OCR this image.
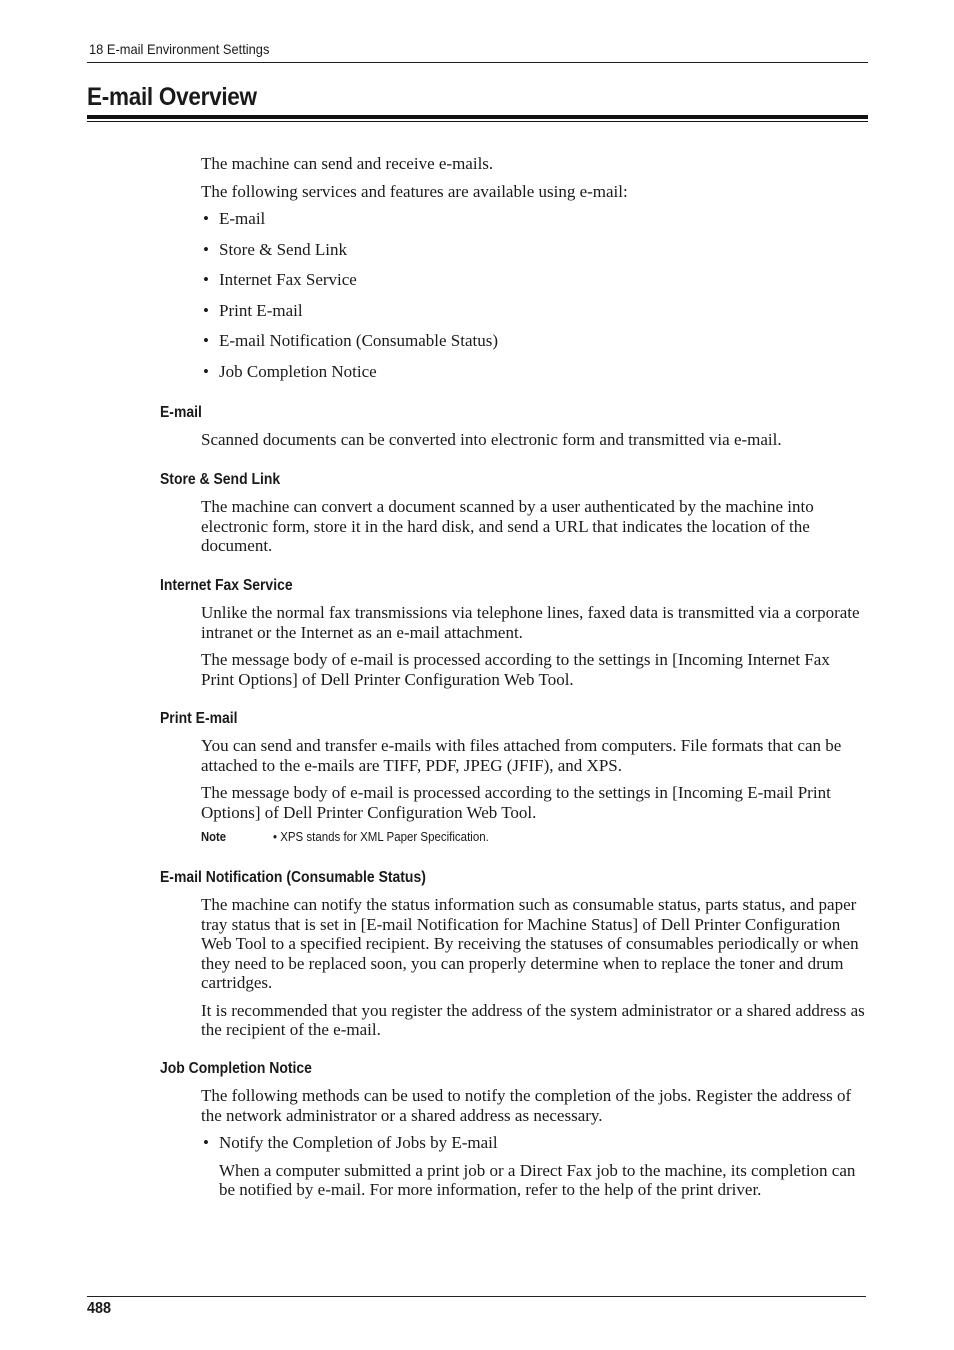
18 E-mail Environment Settings
E-mail Overview

The machine can send and receive e-mails.

The following services and features are available using e-mail:

• E-mail
• Store & Send Link
• Internet Fax Service
• Print E-mail
• E-mail Notification (Consumable Status)
• Job Completion Notice
E-mail

Scanned documents can be converted into electronic form and transmitted via e-mail.

Store & Send Link

The machine can convert a document scanned by a user authenticated by the machine into electronic form, store it in the hard disk, and send a URL that indicates the location of the document.

Internet Fax Service

Unlike the normal fax transmissions via telephone lines, faxed data is transmitted via a corporate intranet or the Internet as an e-mail attachment.

The message body of e-mail is processed according to the settings in [Incoming Internet Fax Print Options] of Dell Printer Configuration Web Tool.

Print E-mail

You can send and transfer e-mails with files attached from computers. File formats that can be attached to the e-mails are TIFF, PDF, JPEG (JFIF), and XPS.

The message body of e-mail is processed according to the settings in [Incoming E-mail Print Options] of Dell Printer Configuration Web Tool.

Note	• XPS stands for XML Paper Specification.
E-mail Notification (Consumable Status)

The machine can notify the status information such as consumable status, parts status, and paper tray status that is set in [E-mail Notification for Machine Status] of Dell Printer Configuration Web Tool to a specified recipient. By receiving the statuses of consumables periodically or when they need to be replaced soon, you can properly determine when to replace the toner and drum cartridges.

It is recommended that you register the address of the system administrator or a shared address as the recipient of the e-mail.

Job Completion Notice

The following methods can be used to notify the completion of the jobs. Register the address of the network administrator or a shared address as necessary.

• Notify the Completion of Jobs by E-mail

When a computer submitted a print job or a Direct Fax job to the machine, its completion can be notified by e-mail. For more information, refer to the help of the print driver.

488
